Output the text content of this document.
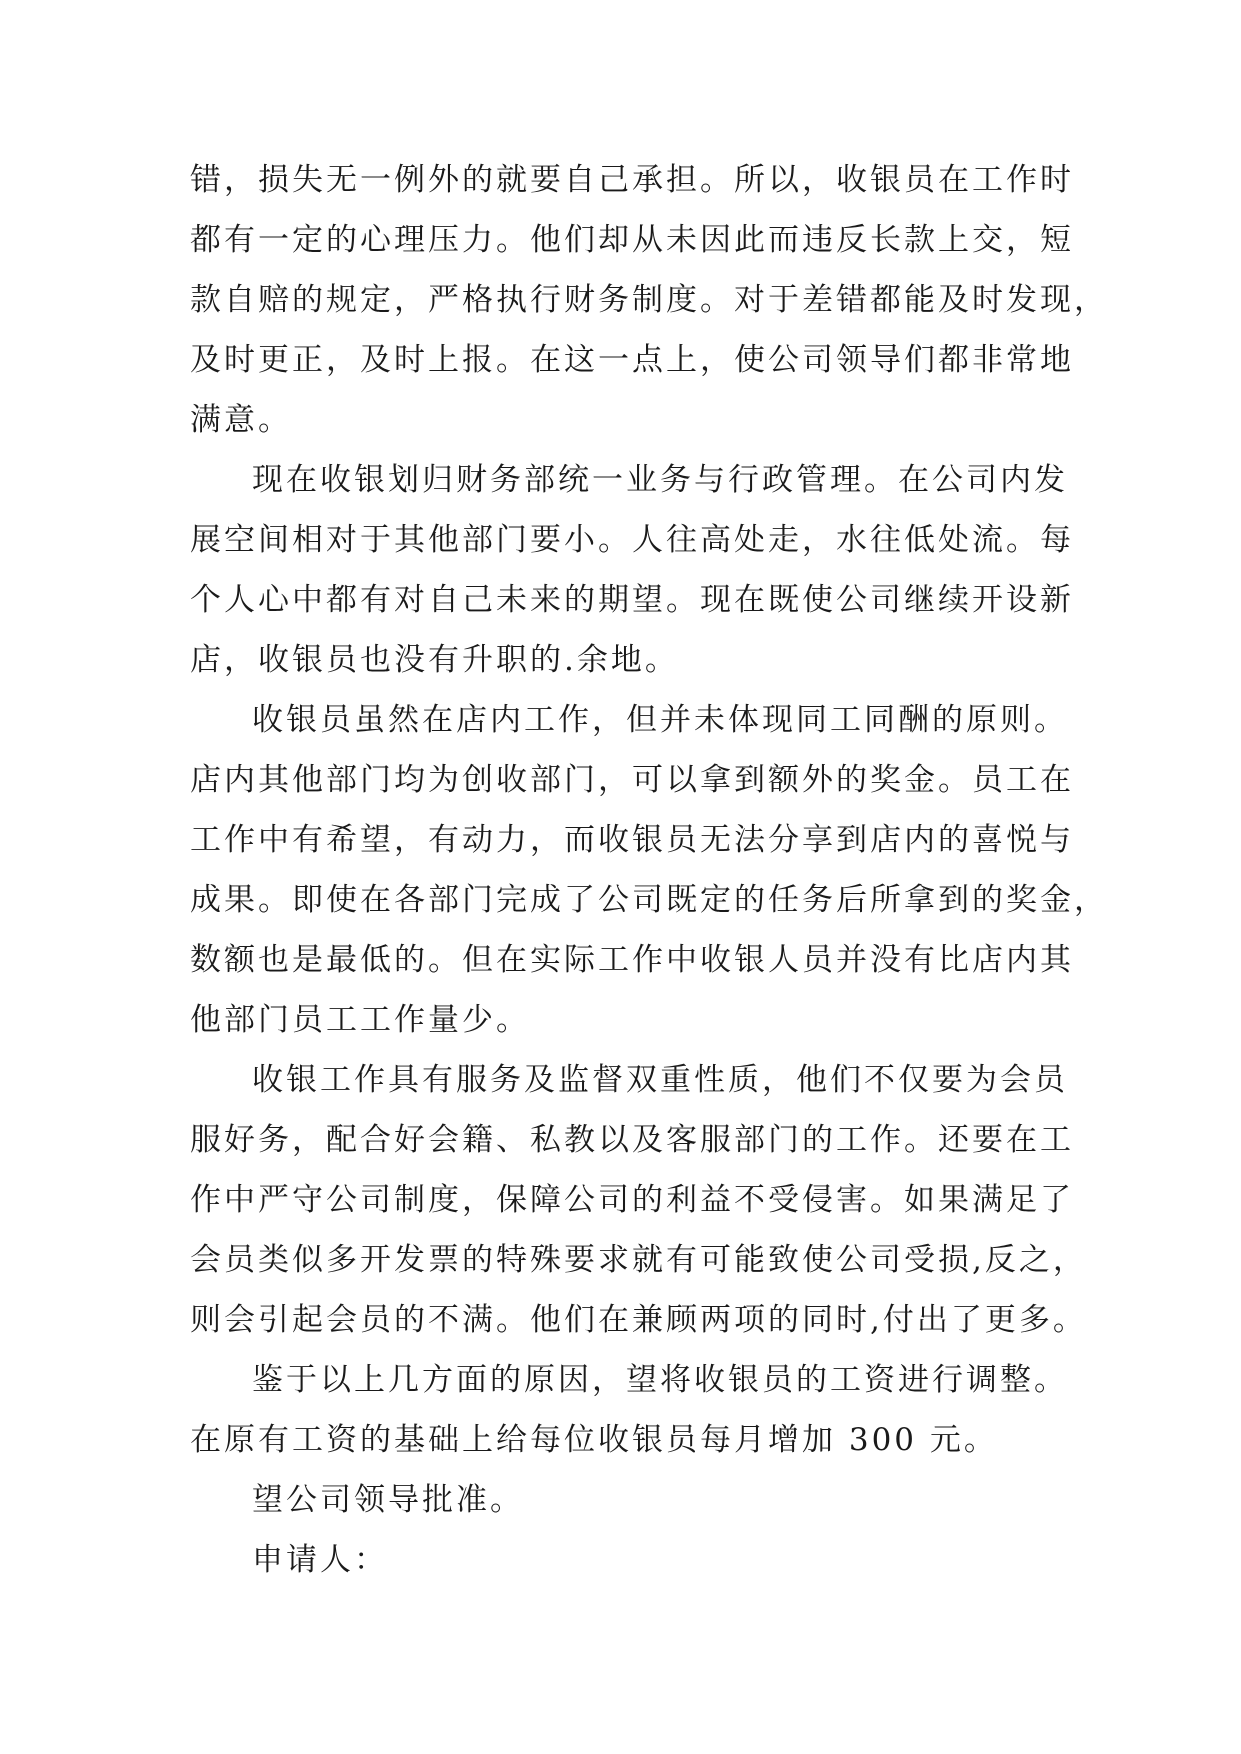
错，损失无一例外的就要自己承担。所以，收银员在工作时
都有一定的心理压力。他们却从未因此而违反长款上交，短
款自赔的规定，严格执行财务制度。对于差错都能及时发现，
及时更正，及时上报。在这一点上，使公司领导们都非常地
满意。
现在收银划归财务部统一业务与行政管理。在公司内发
展空间相对于其他部门要小。人往高处走，水往低处流。每
个人心中都有对自己未来的期望。现在既使公司继续开设新
店，收银员也没有升职的.余地。
收银员虽然在店内工作，但并未体现同工同酬的原则。
店内其他部门均为创收部门，可以拿到额外的奖金。员工在
工作中有希望，有动力，而收银员无法分享到店内的喜悦与
成果。即使在各部门完成了公司既定的任务后所拿到的奖金，
数额也是最低的。但在实际工作中收银人员并没有比店内其
他部门员工工作量少。
收银工作具有服务及监督双重性质，他们不仅要为会员
服好务，配合好会籍、私教以及客服部门的工作。还要在工
作中严守公司制度，保障公司的利益不受侵害。如果满足了
会员类似多开发票的特殊要求就有可能致使公司受损,反之，
则会引起会员的不满。他们在兼顾两项的同时,付出了更多。
鉴于以上几方面的原因，望将收银员的工资进行调整。
在原有工资的基础上给每位收银员每月增加 300 元。
望公司领导批准。
申请人：
